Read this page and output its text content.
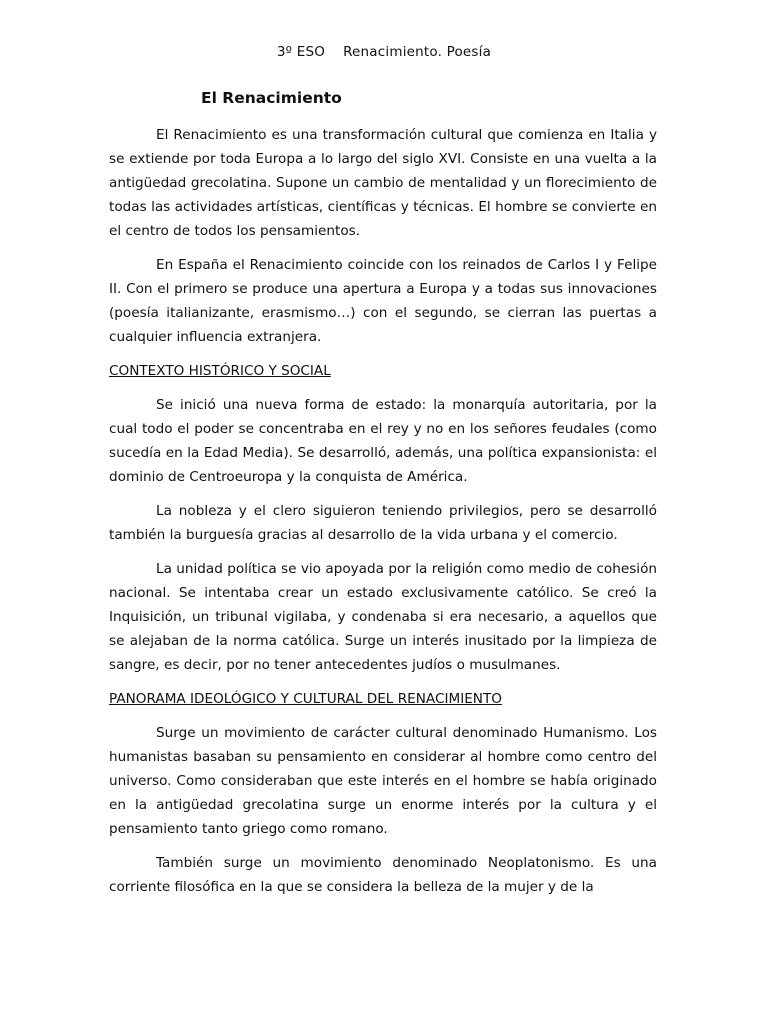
3º ESO Renacimiento. Poesía
El Renacimiento

El Renacimiento es una transformación cultural que comienza en Italia y se extiende por toda Europa a lo largo del siglo XVI. Consiste en una vuelta a la antigüedad grecolatina. Supone un cambio de mentalidad y un florecimiento de todas las actividades artísticas, científicas y técnicas. El hombre se convierte en el centro de todos los pensamientos.

En España el Renacimiento coincide con los reinados de Carlos I y Felipe II. Con el primero se produce una apertura a Europa y a todas sus innovaciones (poesía italianizante, erasmismo…) con el segundo, se cierran las puertas a cualquier influencia extranjera.

CONTEXTO HISTÓRICO Y SOCIAL

Se inició una nueva forma de estado: la monarquía autoritaria, por la cual todo el poder se concentraba en el rey y no en los señores feudales (como sucedía en la Edad Media). Se desarrolló, además, una política expansionista: el dominio de Centroeuropa y la conquista de América.

La nobleza y el clero siguieron teniendo privilegios, pero se desarrolló también la burguesía gracias al desarrollo de la vida urbana y el comercio.

La unidad política se vio apoyada por la religión como medio de cohesión nacional. Se intentaba crear un estado exclusivamente católico. Se creó la Inquisición, un tribunal vigilaba, y condenaba si era necesario, a aquellos que se alejaban de la norma católica. Surge un interés inusitado por la limpieza de sangre, es decir, por no tener antecedentes judíos o musulmanes.

PANORAMA IDEOLÓGICO Y CULTURAL DEL RENACIMIENTO

Surge un movimiento de carácter cultural denominado Humanismo. Los humanistas basaban su pensamiento en considerar al hombre como centro del universo. Como consideraban que este interés en el hombre se había originado en la antigüedad grecolatina surge un enorme interés por la cultura y el pensamiento tanto griego como romano.

También surge un movimiento denominado Neoplatonismo. Es una corriente filosófica en la que se considera la belleza de la mujer y de la
